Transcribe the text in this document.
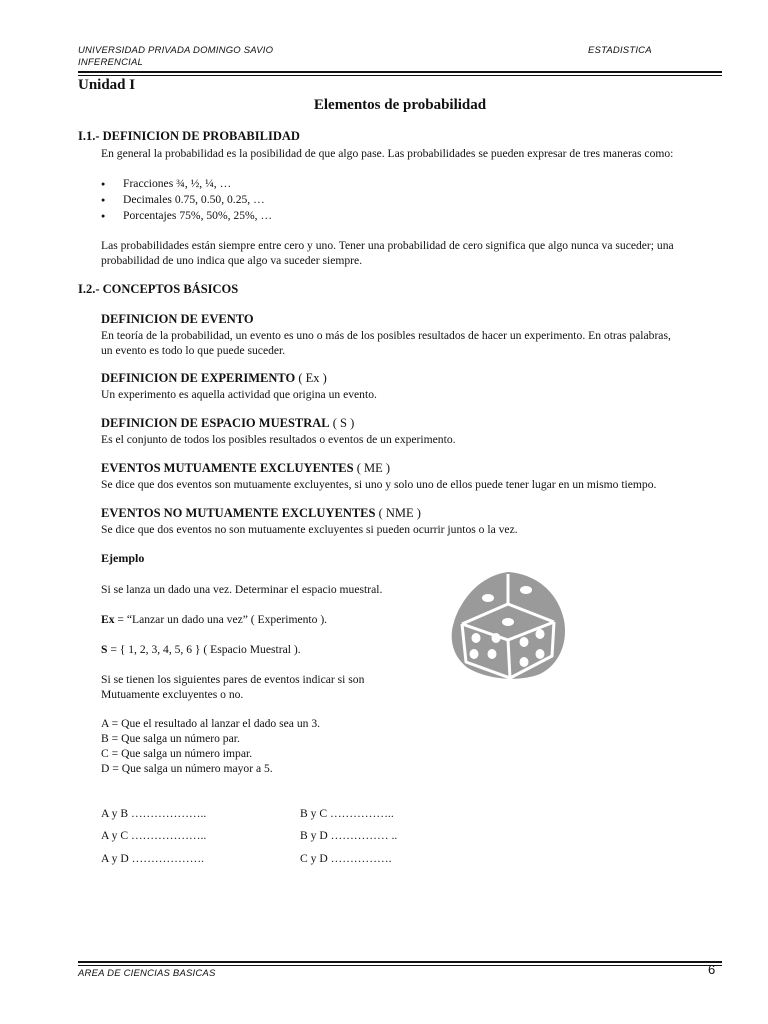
UNIVERSIDAD PRIVADA DOMINGO SAVIO	ESTADISTICA
INFERENCIAL
Unidad I
Elementos de probabilidad
I.1.- DEFINICION DE PROBABILIDAD
En general la probabilidad es la posibilidad de que algo pase. Las probabilidades se pueden expresar de tres maneras como:
● Fracciones ¾, ½, ¼, …
● Decimales 0.75, 0.50, 0.25, …
● Porcentajes 75%, 50%, 25%, …
Las probabilidades están siempre entre cero y uno. Tener una probabilidad de cero significa que algo nunca va suceder; una
probabilidad de uno indica que algo va suceder siempre.
I.2.- CONCEPTOS BÁSICOS
DEFINICION DE EVENTO
En teoría de la probabilidad, un evento es uno o más de los posibles resultados de hacer un experimento. En otras palabras,
un evento es todo lo que puede suceder.
DEFINICION DE EXPERIMENTO ( Ex )
Un experimento es aquella actividad que origina un evento.
DEFINICION DE ESPACIO MUESTRAL ( S )
Es el conjunto de todos los posibles resultados o eventos de un experimento.
EVENTOS MUTUAMENTE EXCLUYENTES ( ME )
Se dice que dos eventos son mutuamente excluyentes, si uno y solo uno de ellos puede tener lugar en un mismo tiempo.
EVENTOS NO MUTUAMENTE EXCLUYENTES ( NME )
Se dice que dos eventos no son mutuamente excluyentes si pueden ocurrir juntos o la vez.
Ejemplo
Si se lanza un dado una vez. Determinar el espacio muestral.
Ex = “Lanzar un dado una vez” ( Experimento ).
S = { 1, 2, 3, 4, 5, 6 } ( Espacio Muestral ).
Si se tienen los siguientes pares de eventos indicar si son
Mutuamente excluyentes o no.
A = Que el resultado al lanzar el dado sea un 3.
B = Que salga un número par.
C = Que salga un número impar.
D = Que salga un número mayor a 5.
A y B ………………..
A y C ………………..
A y D ……………….
B y C ……………..
B y D …………… ..
C y D …………….
AREA DE CIENCIAS BASICAS	6
